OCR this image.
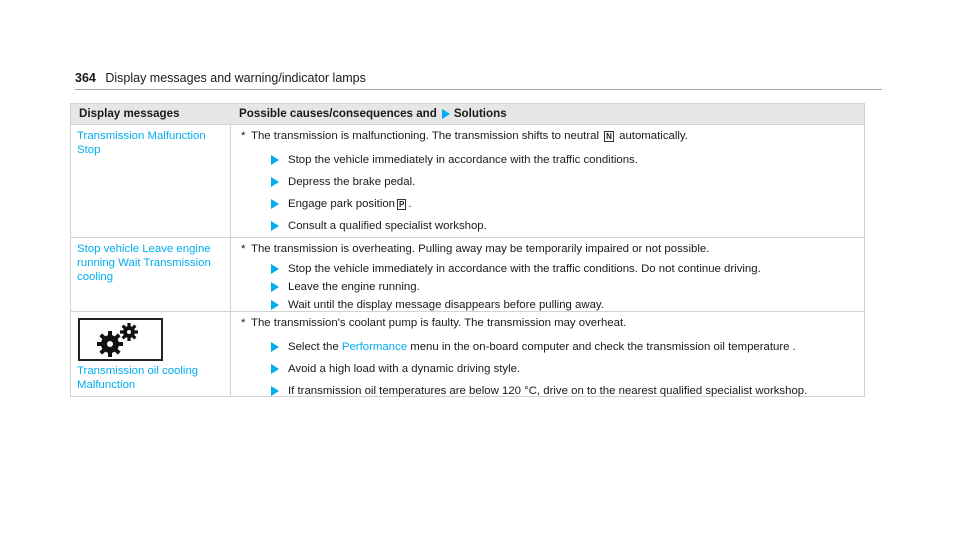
364 Display messages and warning/indicator lamps
Display messages	Possible causes/consequences and Solutions
Transmission Malfunction Stop
* The transmission is malfunctioning. The transmission shifts to neutral N automatically.
Stop the vehicle immediately in accordance with the traffic conditions.
Depress the brake pedal.
Engage park position P .
Consult a qualified specialist workshop.
Stop vehicle Leave engine running Wait Transmission cooling
* The transmission is overheating. Pulling away may be temporarily impaired or not possible.
Stop the vehicle immediately in accordance with the traffic conditions. Do not continue driving.
Leave the engine running.
Wait until the display message disappears before pulling away.
Transmission oil cooling Malfunction
* The transmission's coolant pump is faulty. The transmission may overheat.
Select the
Performance
menu in the on-board computer and check the transmission oil temperature .
Avoid a high load with a dynamic driving style.
If transmission oil temperatures are below 120 °C, drive on to the nearest qualified specialist workshop.
